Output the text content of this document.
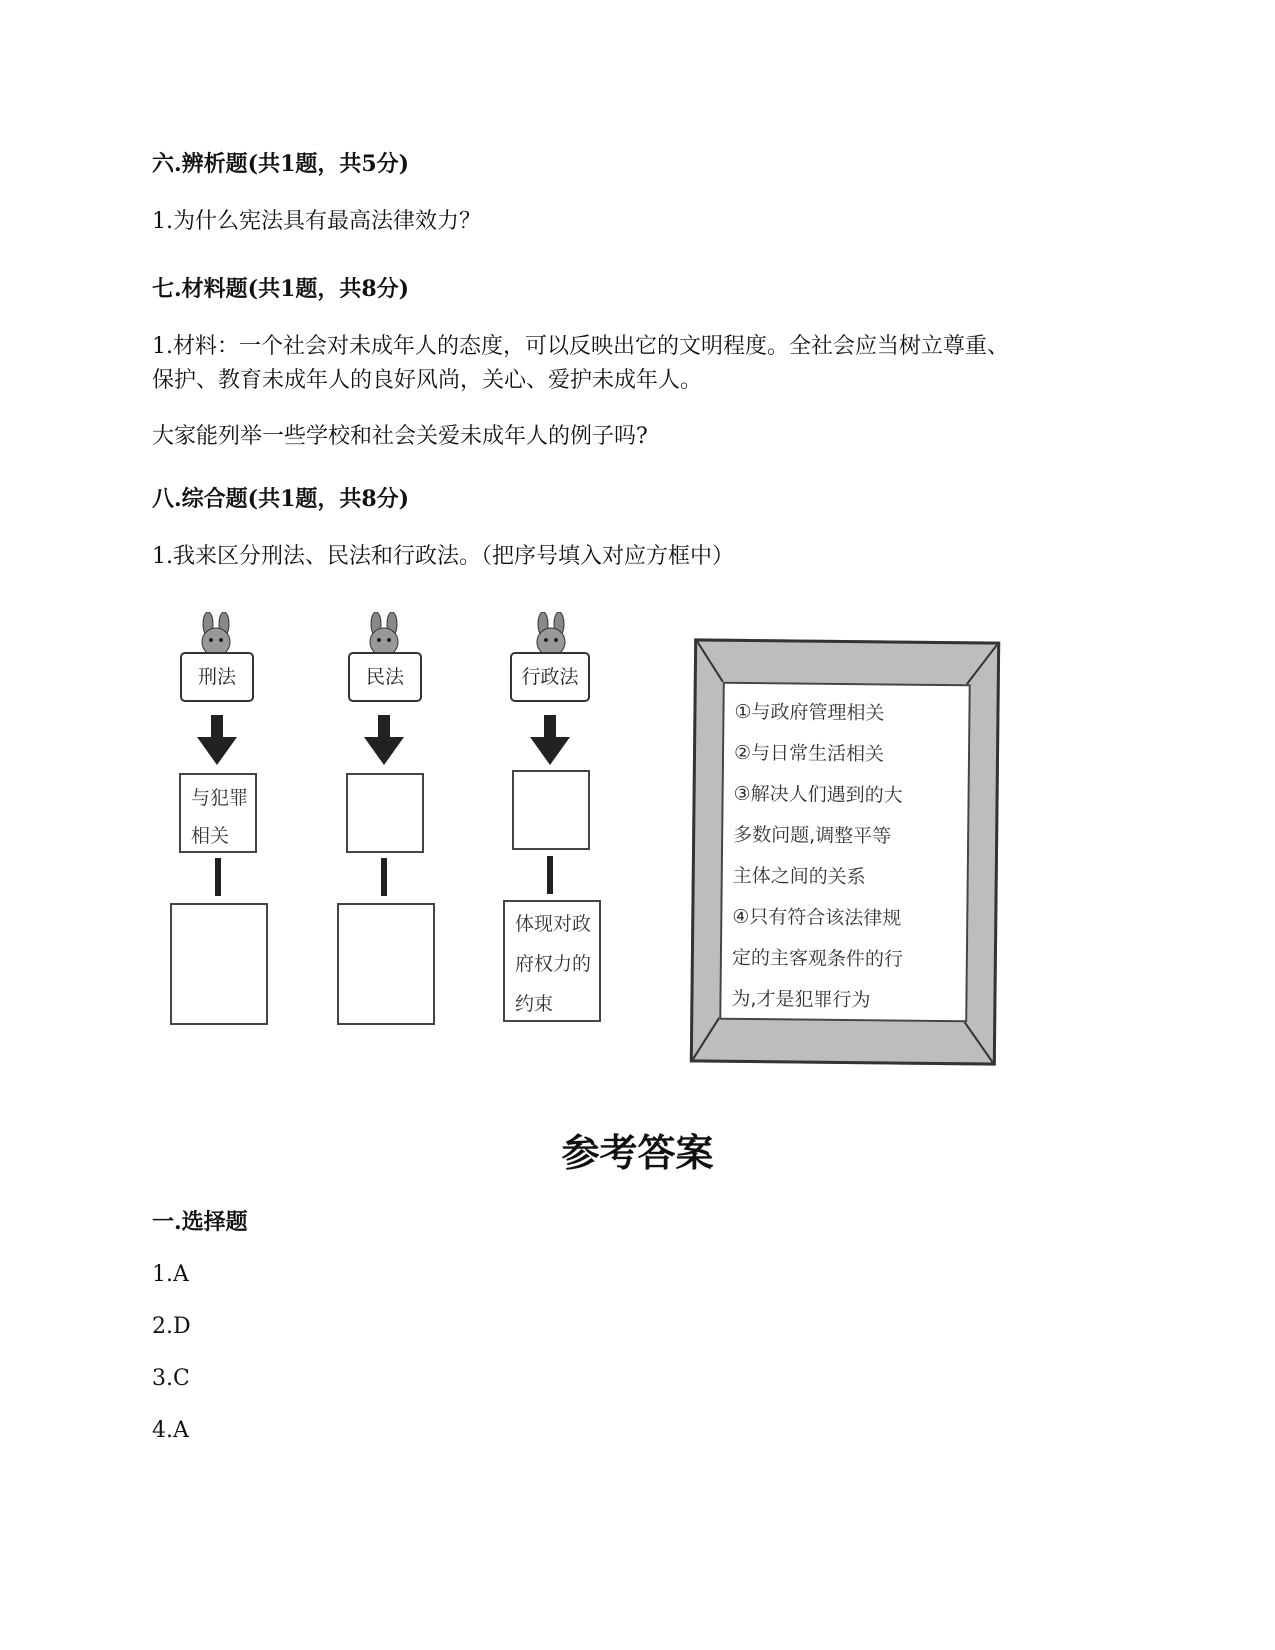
六.辨析题(共1题，共5分)
1.为什么宪法具有最高法律效力？
七.材料题(共1题，共8分)
1.材料：一个社会对未成年人的态度，可以反映出它的文明程度。全社会应当树立尊重、
保护、教育未成年人的良好风尚，关心、爱护未成年人。
大家能列举一些学校和社会关爱未成年人的例子吗?
八.综合题(共1题，共8分)
1.我来区分刑法、民法和行政法。（把序号填入对应方框中）
刑法
与犯罪
相关
民法	行政法
体现对政
府权力的
约束
①与政府管理相关
②与日常生活相关
③解决人们遇到的大
多数问题,调整平等
主体之间的关系
④只有符合该法律规
定的主客观条件的行
为,才是犯罪行为
参考答案
一.选择题
1.A
2.D
3.C
4.A
